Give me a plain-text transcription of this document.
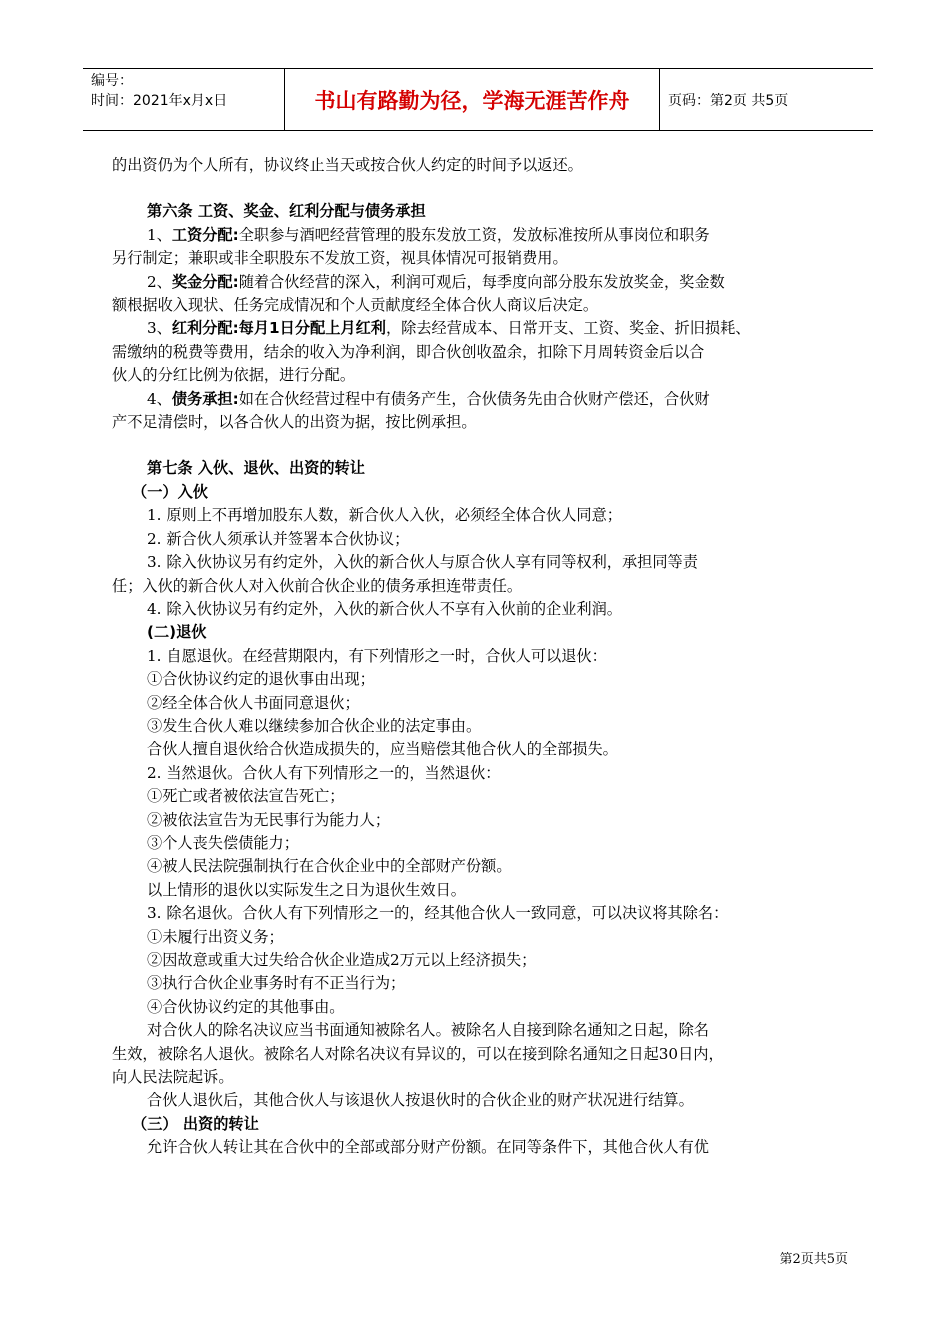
编号：
时间：2021年x月x日	书山有路勤为径，学海无涯苦作舟	页码：第2页 共5页

的出资仍为个人所有，协议终止当天或按合伙人约定的时间予以返还。

第六条 工资、奖金、红利分配与债务承担

1、工资分配:全职参与酒吧经营管理的股东发放工资，发放标准按所从事岗位和职务

另行制定；兼职或非全职股东不发放工资，视具体情况可报销费用。

2、奖金分配:随着合伙经营的深入，利润可观后，每季度向部分股东发放奖金，奖金数

额根据收入现状、任务完成情况和个人贡献度经全体合伙人商议后决定。

3、红利分配:每月1日分配上月红利，除去经营成本、日常开支、工资、奖金、折旧损耗、

需缴纳的税费等费用，结余的收入为净利润，即合伙创收盈余，扣除下月周转资金后以合

伙人的分红比例为依据，进行分配。

4、债务承担:如在合伙经营过程中有债务产生，合伙债务先由合伙财产偿还，合伙财

产不足清偿时，以各合伙人的出资为据，按比例承担。

第七条 入伙、退伙、出资的转让

（一）入伙

1. 原则上不再增加股东人数，新合伙人入伙，必须经全体合伙人同意；

2. 新合伙人须承认并签署本合伙协议；

3. 除入伙协议另有约定外，入伙的新合伙人与原合伙人享有同等权利，承担同等责

任；入伙的新合伙人对入伙前合伙企业的债务承担连带责任。

4. 除入伙协议另有约定外，入伙的新合伙人不享有入伙前的企业利润。

(二)退伙

1. 自愿退伙。在经营期限内，有下列情形之一时，合伙人可以退伙：

①合伙协议约定的退伙事由出现；

②经全体合伙人书面同意退伙；

③发生合伙人难以继续参加合伙企业的法定事由。

合伙人擅自退伙给合伙造成损失的，应当赔偿其他合伙人的全部损失。

2. 当然退伙。合伙人有下列情形之一的，当然退伙：

①死亡或者被依法宣告死亡；

②被依法宣告为无民事行为能力人；

③个人丧失偿债能力；

④被人民法院强制执行在合伙企业中的全部财产份额。

以上情形的退伙以实际发生之日为退伙生效日。

3. 除名退伙。合伙人有下列情形之一的，经其他合伙人一致同意，可以决议将其除名：

①未履行出资义务；

②因故意或重大过失给合伙企业造成2万元以上经济损失；

③执行合伙企业事务时有不正当行为；

④合伙协议约定的其他事由。

对合伙人的除名决议应当书面通知被除名人。被除名人自接到除名通知之日起，除名

生效，被除名人退伙。被除名人对除名决议有异议的，可以在接到除名通知之日起30日内，

向人民法院起诉。

合伙人退伙后，其他合伙人与该退伙人按退伙时的合伙企业的财产状况进行结算。

（三） 出资的转让

允许合伙人转让其在合伙中的全部或部分财产份额。在同等条件下，其他合伙人有优

第2页共5页
